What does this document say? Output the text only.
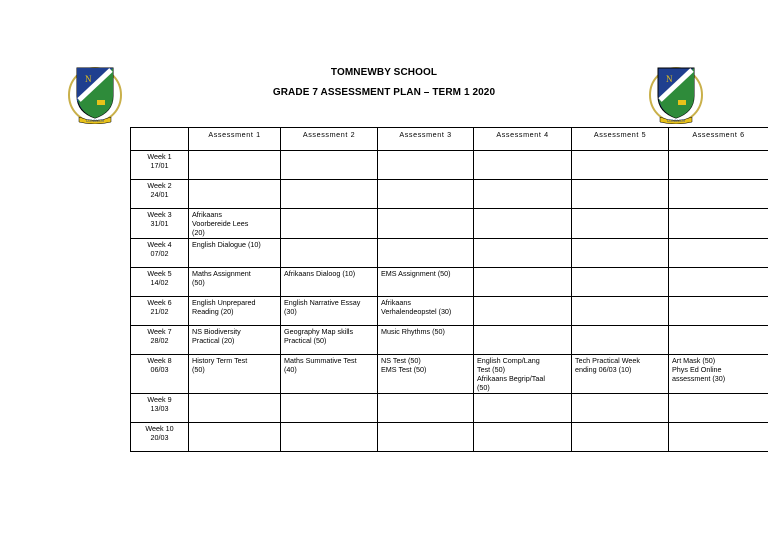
N
CONAMOR
N
CONAMOR
TOMNEWBY SCHOOL
GRADE 7 ASSESSMENT PLAN – TERM 1 2020
	Assessment 1	Assessment 2	Assessment 3	Assessment 4	Assessment 5	Assessment 6

Week 1
17/01						

Week 2
24/01						

Week 3
31/01	Afrikaans
Voorbereide Lees
(20)					

Week 4
07/02	English Dialogue (10)					

Week 5
14/02	Maths Assignment
(50)	Afrikaans Dialoog (10)	EMS Assignment (50)			

Week 6
21/02	English Unprepared
Reading (20)	English Narrative Essay
(30)	Afrikaans
Verhalendeopstel (30)			

Week 7
28/02	NS Biodiversity
Practical (20)	Geography Map skills
Practical (50)	Music Rhythms (50)			

Week 8
06/03	History Term Test
(50)	Maths Summative Test
(40)	NS Test (50)
EMS Test (50)	English Comp/Lang
Test (50)
Afrikaans Begrip/Taal
(50)	Tech Practical Week
ending 06/03 (10)	Art Mask (50)
Phys Ed Online
assessment (30)

Week 9
13/03						

Week 10
20/03						
